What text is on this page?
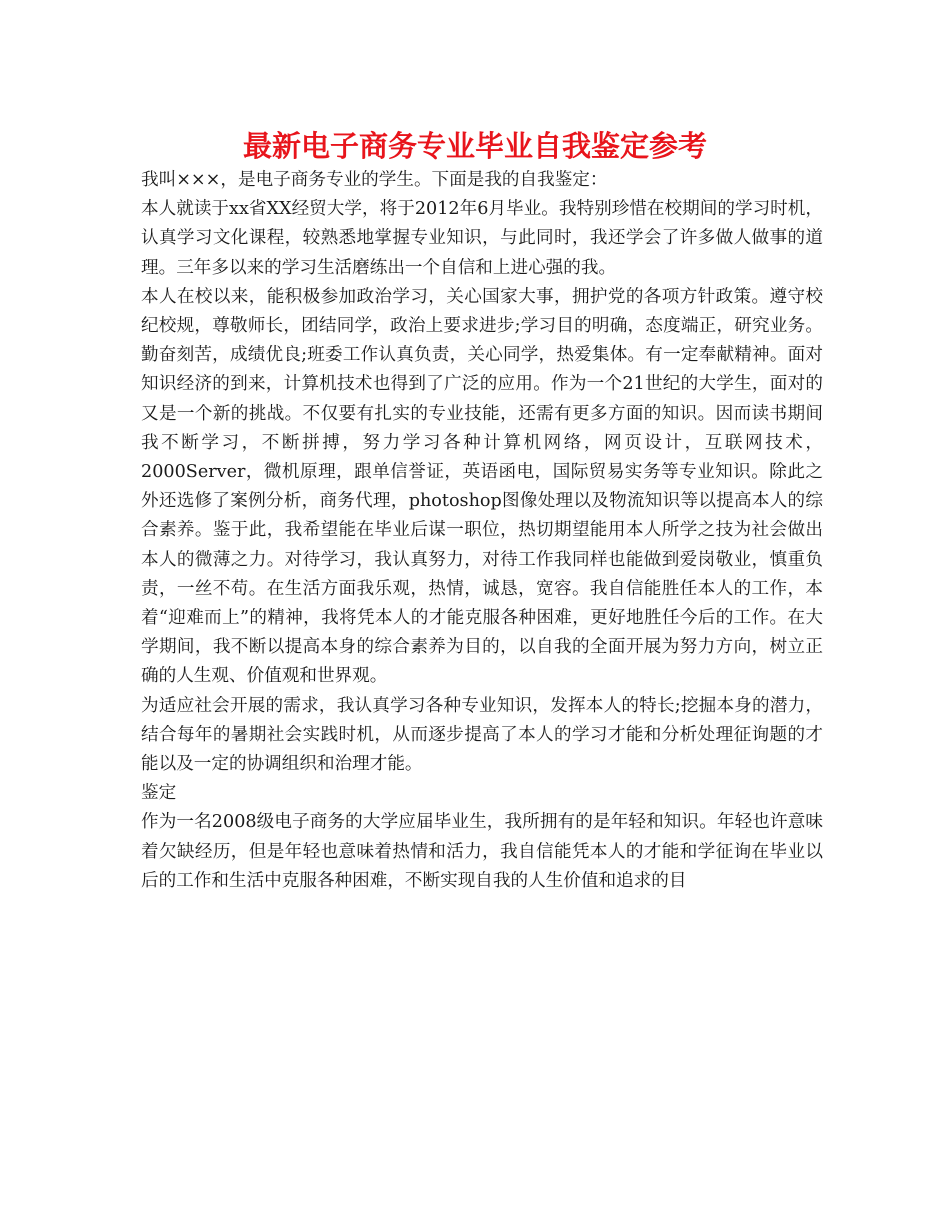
最新电子商务专业毕业自我鉴定参考

我叫×××，是电子商务专业的学生。下面是我的自我鉴定：

本人就读于xx省XX经贸大学，将于2012年6月毕业。我特别珍惜在校期间的学习时机，认真学习文化课程，较熟悉地掌握专业知识，与此同时，我还学会了许多做人做事的道理。三年多以来的学习生活磨练出一个自信和上进心强的我。

本人在校以来，能积极参加政治学习，关心国家大事，拥护党的各项方针政策。遵守校纪校规，尊敬师长，团结同学，政治上要求进步;学习目的明确，态度端正，研究业务。勤奋刻苦，成绩优良;班委工作认真负责，关心同学，热爱集体。有一定奉献精神。面对知识经济的到来，计算机技术也得到了广泛的应用。作为一个21世纪的大学生，面对的又是一个新的挑战。不仅要有扎实的专业技能，还需有更多方面的知识。因而读书期间我不断学习，不断拼搏，努力学习各种计算机网络，网页设计，互联网技术，2000Server，微机原理，跟单信誉证，英语函电，国际贸易实务等专业知识。除此之外还选修了案例分析，商务代理，photoshop图像处理以及物流知识等以提高本人的综合素养。鉴于此，我希望能在毕业后谋一职位，热切期望能用本人所学之技为社会做出本人的微薄之力。对待学习，我认真努力，对待工作我同样也能做到爱岗敬业，慎重负责，一丝不苟。在生活方面我乐观，热情，诚恳，宽容。我自信能胜任本人的工作，本着“迎难而上”的精神，我将凭本人的才能克服各种困难，更好地胜任今后的工作。在大学期间，我不断以提高本身的综合素养为目的，以自我的全面开展为努力方向，树立正确的人生观、价值观和世界观。

为适应社会开展的需求，我认真学习各种专业知识，发挥本人的特长;挖掘本身的潜力，结合每年的暑期社会实践时机，从而逐步提高了本人的学习才能和分析处理征询题的才能以及一定的协调组织和治理才能。

鉴定

作为一名2008级电子商务的大学应届毕业生，我所拥有的是年轻和知识。年轻也许意味着欠缺经历，但是年轻也意味着热情和活力，我自信能凭本人的才能和学征询在毕业以后的工作和生活中克服各种困难，不断实现自我的人生价值和追求的目
